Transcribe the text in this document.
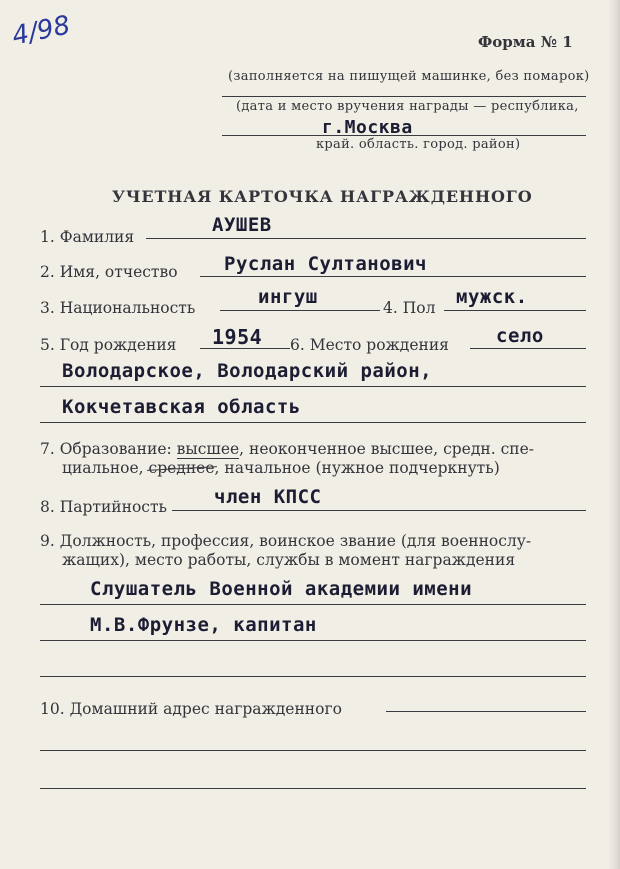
4/98	Форма № 1
(заполняется на пишущей машинке, без помарок)
(дата и место вручения награды — республика,
г.Москва
край. область. город. район)
УЧЕТНАЯ КАРТОЧКА НАГРАЖДЕННОГО
1. Фамилия
АУШЕВ
2. Имя, отчество Руслан Султанович
3. Национальность	ингуш	4. Пол мужск.
5. Год рождения 1954 6. Место рождения село
Володарское, Володарский район,
Кокчетавская область
7. Образование: высшее, неоконченное высшее, средн. спе-
циальное, среднее, начальное (нужное подчеркнуть)
8. Партийность член КПСС
9. Должность, профессия, воинское звание (для военнослу-
жащих), место работы, службы в момент награждения
Слушатель Военной академии имени
М.В.Фрунзе, капитан
10. Домашний адрес награжденного
